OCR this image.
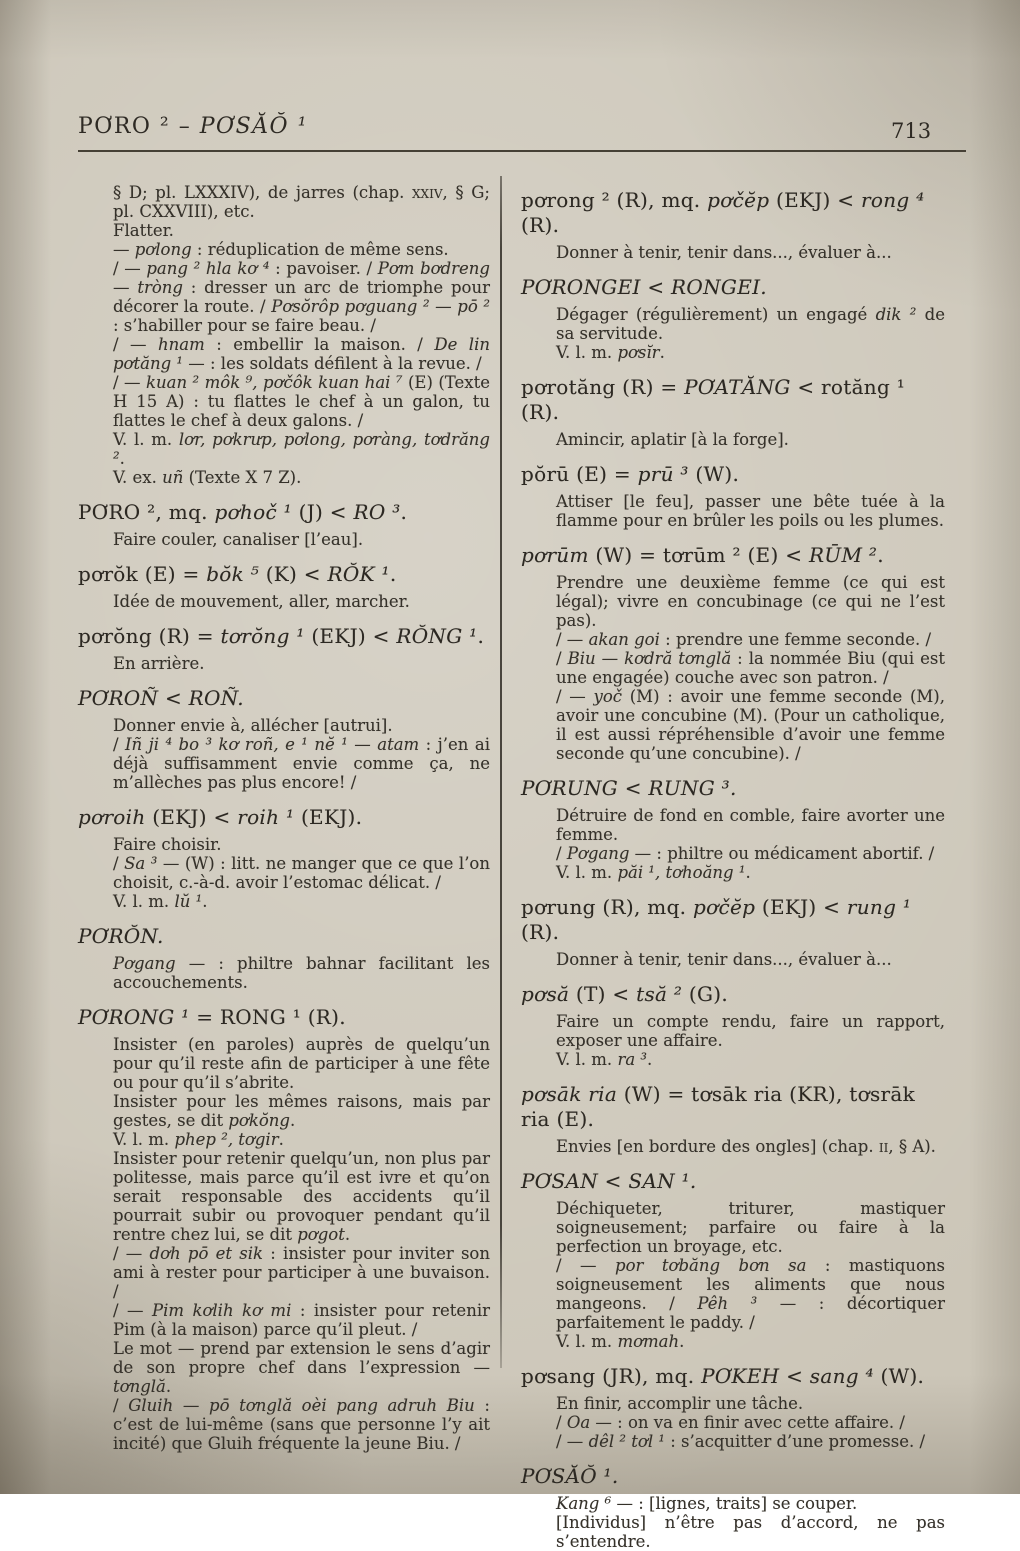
PƠRO ² – PƠSĂŎ ¹	713
§ D; pl. LXXXIV), de jarres (chap. xxiv, § G; pl. CXXVIII), etc.
Flatter.
— pơlong : réduplication de même sens.
/ — pang ² hla kơ ⁴ : pavoiser. / Pơm bơdreng — tròng : dresser un arc de triomphe pour décorer la route. / Pơsŏrôp pơguang ² — pō ² : s’habiller pour se faire beau. /
/ — hnam : embellir la maison. / De lin pơtăng ¹ — : les soldats défilent à la revue. /
/ — kuan ² môk ⁹, pơčôk kuan hai ⁷ (E) (Texte H 15 A) : tu flattes le chef à un galon, tu flattes le chef à deux galons. /
V. l. m. lơr, pơkrưp, pơlong, pơràng, tơdrăng ².
V. ex. uñ (Texte X 7 Z).
PƠRO ², mq. pơhoč ¹ (J) < RO ³.
Faire couler, canaliser [l’eau].
pơrŏk (E) = bŏk ⁵ (K) < RŎK ¹.
Idée de mouvement, aller, marcher.
pơrŏng (R) = tơrŏng ¹ (EKJ) < RŎNG ¹.
En arrière.
PƠROÑ < ROÑ.
Donner envie à, allécher [autrui].
/ Iñ ji ⁴ bo ³ kơ roñ, e ¹ nĕ ¹ — atam : j’en ai déjà suffisamment envie comme ça, ne m’allèches pas plus encore! /
pơroih (EKJ) < roih ¹ (EKJ).
Faire choisir.
/ Sa ³ — (W) : litt. ne manger que ce que l’on choisit, c.-à-d. avoir l’estomac délicat. /
V. l. m. lŭ ¹.
PƠRŎN.
Pơgang — : philtre bahnar facilitant les accouchements.
PƠRONG ¹ = RONG ¹ (R).
Insister (en paroles) auprès de quelqu’un pour qu’il reste afin de participer à une fête ou pour qu’il s’abrite.
Insister pour les mêmes raisons, mais par gestes, se dit pơkŏng.
V. l. m. phep ², tơgir.
Insister pour retenir quelqu’un, non plus par politesse, mais parce qu’il est ivre et qu’on serait responsable des accidents qu’il pourrait subir ou provoquer pendant qu’il rentre chez lui, se dit pơgot.
/ — dơh pō et sik : insister pour inviter son ami à rester pour participer à une buvaison. /
/ — Pim kơlih kơ mi : insister pour retenir Pim (à la maison) parce qu’il pleut. /
Le mot — prend par extension le sens d’agir de son propre chef dans l’expression — tơnglă.
/ Gluih — pō tơnglă oèi pang adruh Biu : c’est de lui-même (sans que personne l’y ait incité) que Gluih fréquente la jeune Biu. /
pơrong ² (R), mq. pơčĕp (EKJ) < rong ⁴ (R).
Donner à tenir, tenir dans..., évaluer à...
PƠRONGEI < RONGEI.
Dégager (régulièrement) un engagé dik ² de sa servitude.
V. l. m. pơsĭr.
pơrotăng (R) = PƠATĂNG < rotăng ¹ (R).
Amincir, aplatir [à la forge].
pŏrū (E) = prū ³ (W).
Attiser [le feu], passer une bête tuée à la flamme pour en brûler les poils ou les plumes.
pơrūm (W) = tơrūm ² (E) < RŪM ².
Prendre une deuxième femme (ce qui est légal); vivre en concubinage (ce qui ne l’est pas).
/ — akan goi : prendre une femme seconde. /
/ Biu — kơdră tơnglă : la nommée Biu (qui est une engagée) couche avec son patron. /
/ — yoč (M) : avoir une femme seconde (M), avoir une concubine (M). (Pour un catholique, il est aussi répréhensible d’avoir une femme seconde qu’une concubine). /
PƠRUNG < RUNG ³.
Détruire de fond en comble, faire avorter une femme.
/ Pơgang — : philtre ou médicament abortif. /
V. l. m. păi ¹, tơhoăng ¹.
pơrung (R), mq. pơčĕp (EKJ) < rung ¹ (R).
Donner à tenir, tenir dans..., évaluer à...
pơsă (T) < tsă ² (G).
Faire un compte rendu, faire un rapport, exposer une affaire.
V. l. m. ra ³.
pơsāk ria (W) = tơsāk ria (KR), tơsrāk ria (E).
Envies [en bordure des ongles] (chap. ii, § A).
PƠSAN < SAN ¹.
Déchiqueter, triturer, mastiquer soigneusement; parfaire ou faire à la perfection un broyage, etc.
/ — por tơbăng bơn sa : mastiquons soigneusement les aliments que nous mangeons. / Pêh ³ — : décortiquer parfaitement le paddy. /
V. l. m. mơmah.
pơsang (JR), mq. PƠKEH < sang ⁴ (W).
En finir, accomplir une tâche.
/ Oa — : on va en finir avec cette affaire. /
/ — dêl ² tơl ¹ : s’acquitter d’une promesse. /
PƠSĂŎ ¹.
Kang ⁶ — : [lignes, traits] se couper.
[Individus] n’être pas d’accord, ne pas s’entendre.
